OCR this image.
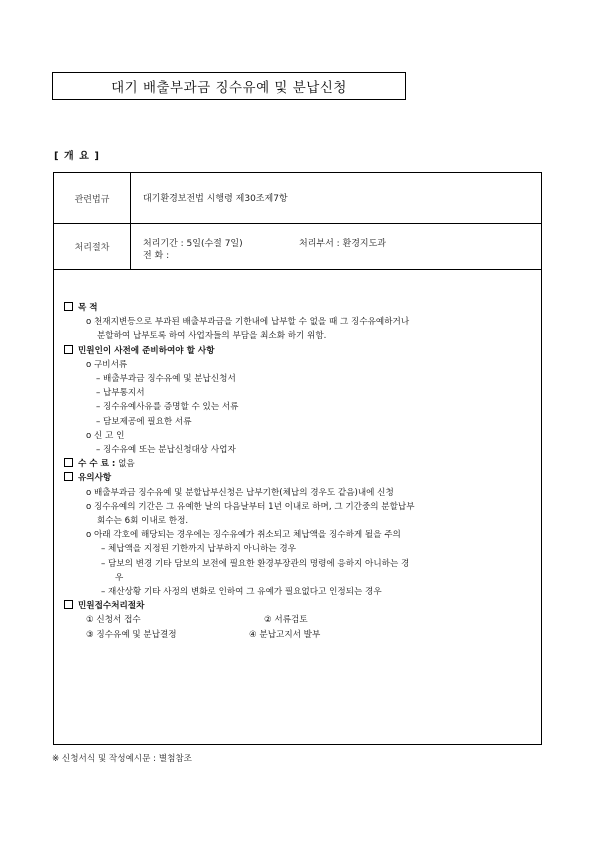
대기 배출부과금 징수유예 및 분납신청
[ 개 요 ]
관련법규	대기환경보전법 시행령 제30조제7항
처리절차	처리기간 : 5일(수절 7일)	처리부서 : 환경지도과
전 화 :
목 적
o 천재지변등으로 부과된 배출부과금을 기한내에 납부할 수 없을 때 그 징수유예하거나
분할하여 납부토록 하여 사업자들의 부담을 최소화 하기 위함.
민원인이 사전에 준비하여야 할 사항
o 구비서류
– 배출부과금 징수유예 및 분납신청서
– 납부통지서
– 징수유예사유를 증명할 수 있는 서류
– 담보제공에 필요한 서류
o 신 고 인
– 징수유예 또는 분납신청대상 사업자
수 수 료 : 없음
유의사항
o 배출부과금 징수유예 및 분할납부신청은 납부기한(체납의 경우도 같음)내에 신청
o 징수유예의 기간은 그 유예한 날의 다음날부터 1년 이내로 하며, 그 기간중의 분할납부
회수는 6회 이내로 한정.
o 아래 각호에 해당되는 경우에는 징수유예가 취소되고 체납액을 징수하게 될을 주의
– 체납액을 지정된 기한까지 납부하지 아니하는 경우
– 담보의 변경 기타 담보의 보전에 필요한 환경부장관의 명령에 응하지 아니하는 경
우
– 재산상황 기타 사정의 변화로 인하여 그 유예가 필요없다고 인정되는 경우
민원접수처리절차
① 신청서 접수	② 서류검토
③ 징수유예 및 분납결정	④ 분납고지서 발부
※ 신청서식 및 작성예시문 : 별첨참조
